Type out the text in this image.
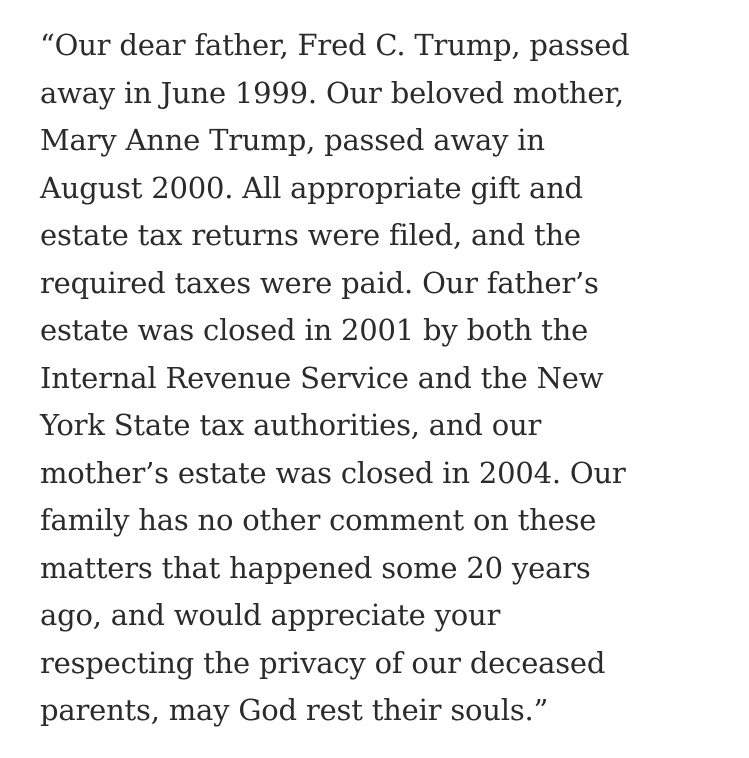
“Our dear father, Fred C. Trump, passed
away in June 1999. Our beloved mother,
Mary Anne Trump, passed away in
August 2000. All appropriate gift and
estate tax returns were filed, and the
required taxes were paid. Our father’s
estate was closed in 2001 by both the
Internal Revenue Service and the New
York State tax authorities, and our
mother’s estate was closed in 2004. Our
family has no other comment on these
matters that happened some 20 years
ago, and would appreciate your
respecting the privacy of our deceased
parents, may God rest their souls.”
